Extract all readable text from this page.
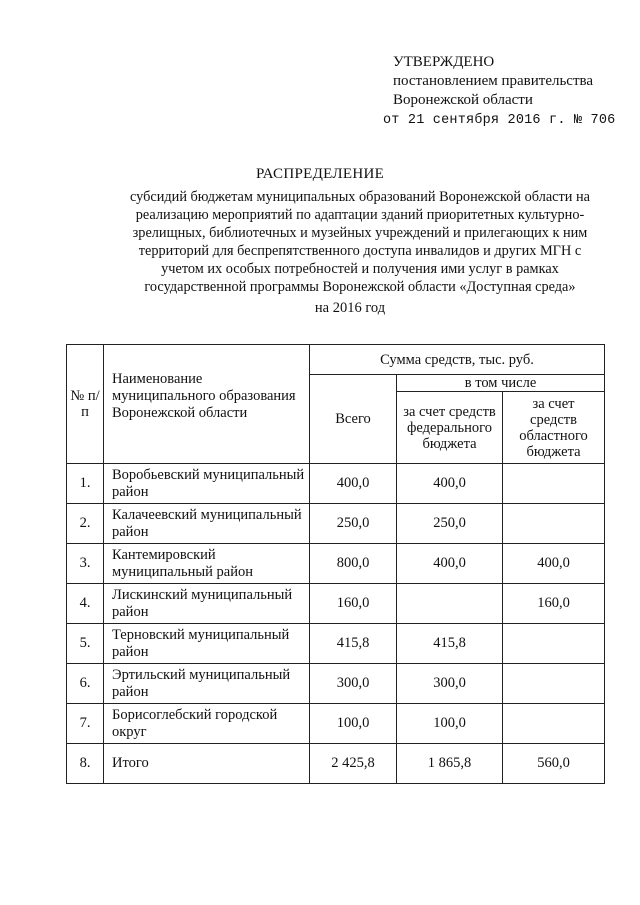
УТВЕРЖДЕНО
постановлением правительства
Воронежской области
от 21 сентября 2016 г. № 706
РАСПРЕДЕЛЕНИЕ
субсидий бюджетам муниципальных образований Воронежской области на
реализацию мероприятий по адаптации зданий приоритетных культурно-
зрелищных, библиотечных и музейных учреждений и прилегающих к ним
территорий для беспрепятственного доступа инвалидов и других МГН с
учетом их особых потребностей и получения ими услуг в рамках
государственной программы Воронежской области «Доступная среда»
на 2016 год
№ п/п	Наименование муниципального образования Воронежской области	Сумма средств, тыс. руб.		
		Всего	в том числе	
			за счет средств федерального бюджета	за счет средств областного бюджета
1.	Воробьевский муниципальный район	400,0	400,0	
2.	Калачеевский муниципальный район	250,0	250,0	
3.	Кантемировский муниципальный район	800,0	400,0	400,0
4.	Лискинский муниципальный район	160,0		160,0
5.	Терновский муниципальный район	415,8	415,8	
6.	Эртильский муниципальный район	300,0	300,0	
7.	Борисоглебский городской округ	100,0	100,0	
8.	Итого	2 425,8	1 865,8	560,0
